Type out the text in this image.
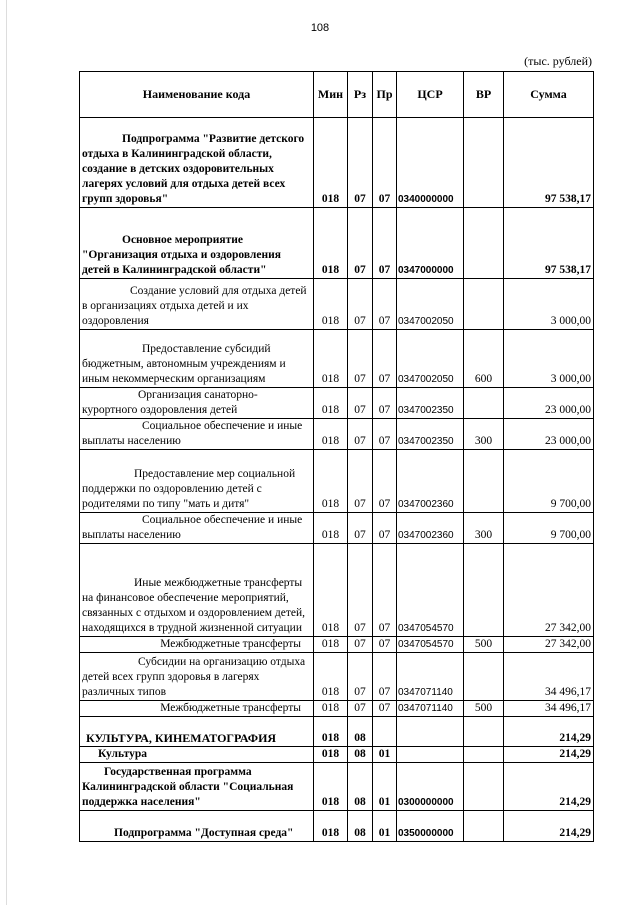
108
(тыс. рублей)
Наименование кода	Мин	Рз	Пр	ЦСР	ВР	Сумма

Подпрограмма "Развитие детского отдыха в Калининградской области, создание в детских оздоровительных лагерях условий для отдыха детей всех групп здоровья"	018	07	07	0340000000		97 538,17

Основное мероприятие "Организация отдыха и оздоровления детей в Калининградской области"	018	07	07	0347000000		97 538,17

Создание условий для отдыха детей в организациях отдыха детей и их оздоровления	018	07	07	0347002050		3 000,00

Предоставление субсидий бюджетным, автономным учреждениям и иным некоммерческим организациям	018	07	07	0347002050	600	3 000,00

Организация санаторно-курортного оздоровления детей	018	07	07	0347002350		23 000,00

Социальное обеспечение и иные выплаты населению	018	07	07	0347002350	300	23 000,00

Предоставление мер социальной поддержки по оздоровлению детей с родителями по типу "мать и дитя"	018	07	07	0347002360		9 700,00

Социальное обеспечение и иные выплаты населению	018	07	07	0347002360	300	9 700,00

Иные межбюджетные трансферты на финансовое обеспечение мероприятий, связанных с отдыхом и оздоровлением детей, находящихся в трудной жизненной ситуации	018	07	07	0347054570		27 342,00

Межбюджетные трансферты	018	07	07	0347054570	500	27 342,00

Субсидии на организацию отдыха детей всех групп здоровья в лагерях различных типов	018	07	07	0347071140		34 496,17

Межбюджетные трансферты	018	07	07	0347071140	500	34 496,17

КУЛЬТУРА, КИНЕМАТОГРАФИЯ	018	08				214,29

Культура	018	08	01			214,29

Государственная программа Калининградской области "Социальная поддержка населения"	018	08	01	0300000000		214,29

Подпрограмма "Доступная среда"	018	08	01	0350000000		214,29
